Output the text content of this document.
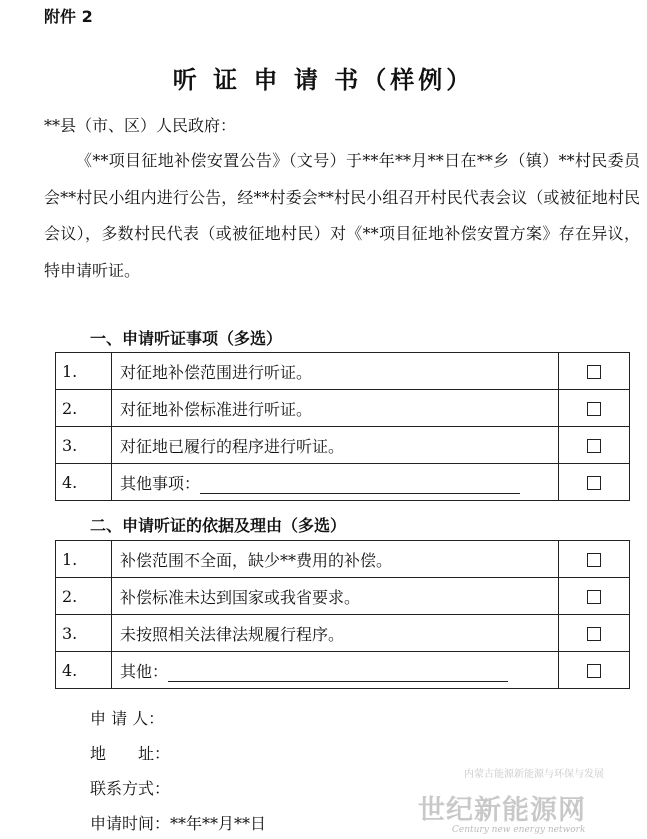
附件 2
听 证 申 请 书（样例）
**县（市、区）人民政府：
《**项目征地补偿安置公告》（文号）于**年**月**日在**乡（镇）**村民委员会**村民小组内进行公告，经**村委会**村民小组召开村民代表会议（或被征地村民会议），多数村民代表（或被征地村民）对《**项目征地补偿安置方案》存在异议，特申请听证。
一、申请听证事项（多选）
1.	对征地补偿范围进行听证。	
2.	对征地补偿标准进行听证。	
3.	对征地已履行的程序进行听证。	
4.	其他事项：	
二、申请听证的依据及理由（多选）
1.	补偿范围不全面，缺少**费用的补偿。	
2.	补偿标准未达到国家或我省要求。	
3.	未按照相关法律法规履行程序。	
4.	其他：	
申 请 人：
地　　址：
联系方式：
申请时间：**年**月**日
内蒙古能源新能源与环保与发展
世纪新能源网
Century new energy network
